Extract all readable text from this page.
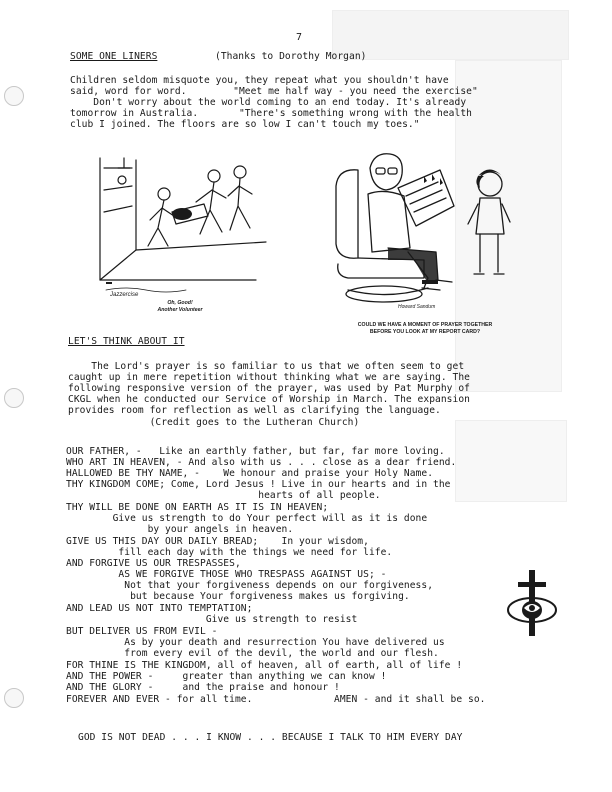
7
SOME ONE LINERS	(Thanks to Dorothy Morgan)
Children seldom misquote you, they repeat what you shouldn't have
said, word for word.        "Meet me half way - you need the exercise"
Don't worry about the world coming to an end today. It's already
tomorrow in Australia.       "There's something wrong with the health
club I joined. The floors are so low I can't touch my toes."
Jazzercise
Oh, Good!
Another Volunteer	Howard Sandum
COULD WE HAVE A MOMENT OF PRAYER TOGETHER
BEFORE YOU LOOK AT MY REPORT CARD?
LET'S THINK ABOUT IT
The Lord's prayer is so familiar to us that we often seem to get
caught up in mere repetition without thinking what we are saying. The
following responsive version of the prayer, was used by Pat Murphy of
CKGL when he conducted our Service of Worship in March. The expansion
provides room for reflection as well as clarifying the language.
(Credit goes to the Lutheran Church)
OUR FATHER, -   Like an earthly father, but far, far more loving.
WHO ART IN HEAVEN, - And also with us . . . close as a dear friend.
HALLOWED BE THY NAME, -    We honour and praise your Holy Name.
THY KINGDOM COME; Come, Lord Jesus ! Live in our hearts and in the
hearts of all people.
THY WILL BE DONE ON EARTH AS IT IS IN HEAVEN;
Give us strength to do Your perfect will as it is done
by your angels in heaven.
GIVE US THIS DAY OUR DAILY BREAD;    In your wisdom,
fill each day with the things we need for life.
AND FORGIVE US OUR TRESPASSES,
AS WE FORGIVE THOSE WHO TRESPASS AGAINST US; -
Not that your forgiveness depends on our forgiveness,
but because Your forgiveness makes us forgiving.
AND LEAD US NOT INTO TEMPTATION;
Give us strength to resist
BUT DELIVER US FROM EVIL -
As by your death and resurrection You have delivered us
from every evil of the devil, the world and our flesh.
FOR THINE IS THE KINGDOM, all of heaven, all of earth, all of life !
AND THE POWER -     greater than anything we can know !
AND THE GLORY -     and the praise and honour !
FOREVER AND EVER - for all time.              AMEN - and it shall be so.
GOD IS NOT DEAD . . . I KNOW . . . BECAUSE I TALK TO HIM EVERY DAY
